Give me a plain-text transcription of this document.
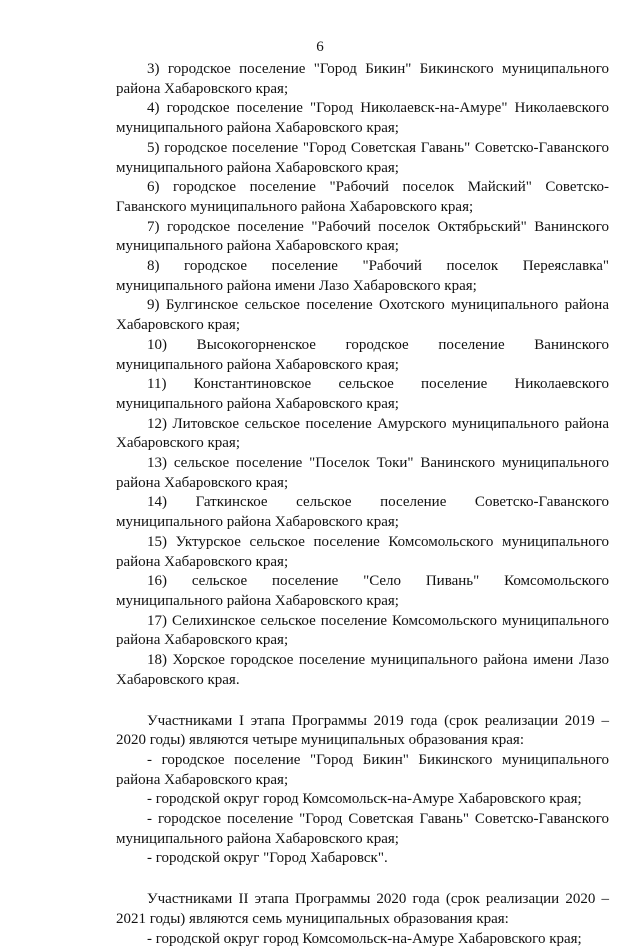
6

3) городское поселение "Город Бикин" Бикинского муниципального района Хабаровского края;

4) городское поселение "Город Николаевск-на-Амуре" Николаевского муниципального района Хабаровского края;

5) городское поселение "Город Советская Гавань" Советско-Гаванского муниципального района Хабаровского края;

6) городское поселение "Рабочий поселок Майский" Советско-Гаванского муниципального района Хабаровского края;

7) городское поселение "Рабочий поселок Октябрьский" Ванинского муниципального района Хабаровского края;

8) городское поселение "Рабочий поселок Переяславка" муниципального района имени Лазо Хабаровского края;

9) Булгинское сельское поселение Охотского муниципального района Хабаровского края;

10) Высокогорненское городское поселение Ванинского муниципального района Хабаровского края;

11) Константиновское сельское поселение Николаевского муниципального района Хабаровского края;

12) Литовское сельское поселение Амурского муниципального района Хабаровского края;

13) сельское поселение "Поселок Токи" Ванинского муниципального района Хабаровского края;

14) Гаткинское сельское поселение Советско-Гаванского муниципального района Хабаровского края;

15) Уктурское сельское поселение Комсомольского муниципального района Хабаровского края;

16) сельское поселение "Село Пивань" Комсомольского муниципального района Хабаровского края;

17) Селихинское сельское поселение Комсомольского муниципального района Хабаровского края;

18) Хорское городское поселение муниципального района имени Лазо Хабаровского края.

Участниками I этапа Программы 2019 года (срок реализации 2019 – 2020 годы) являются четыре муниципальных образования края:

- городское поселение "Город Бикин" Бикинского муниципального района Хабаровского края;

- городской округ город Комсомольск-на-Амуре Хабаровского края;

- городское поселение "Город Советская Гавань" Советско-Гаванского муниципального района Хабаровского края;

- городской округ "Город Хабаровск".

Участниками II этапа Программы 2020 года (срок реализации 2020 – 2021 годы) являются семь муниципальных образования края:

- городской округ город Комсомольск-на-Амуре Хабаровского края;
